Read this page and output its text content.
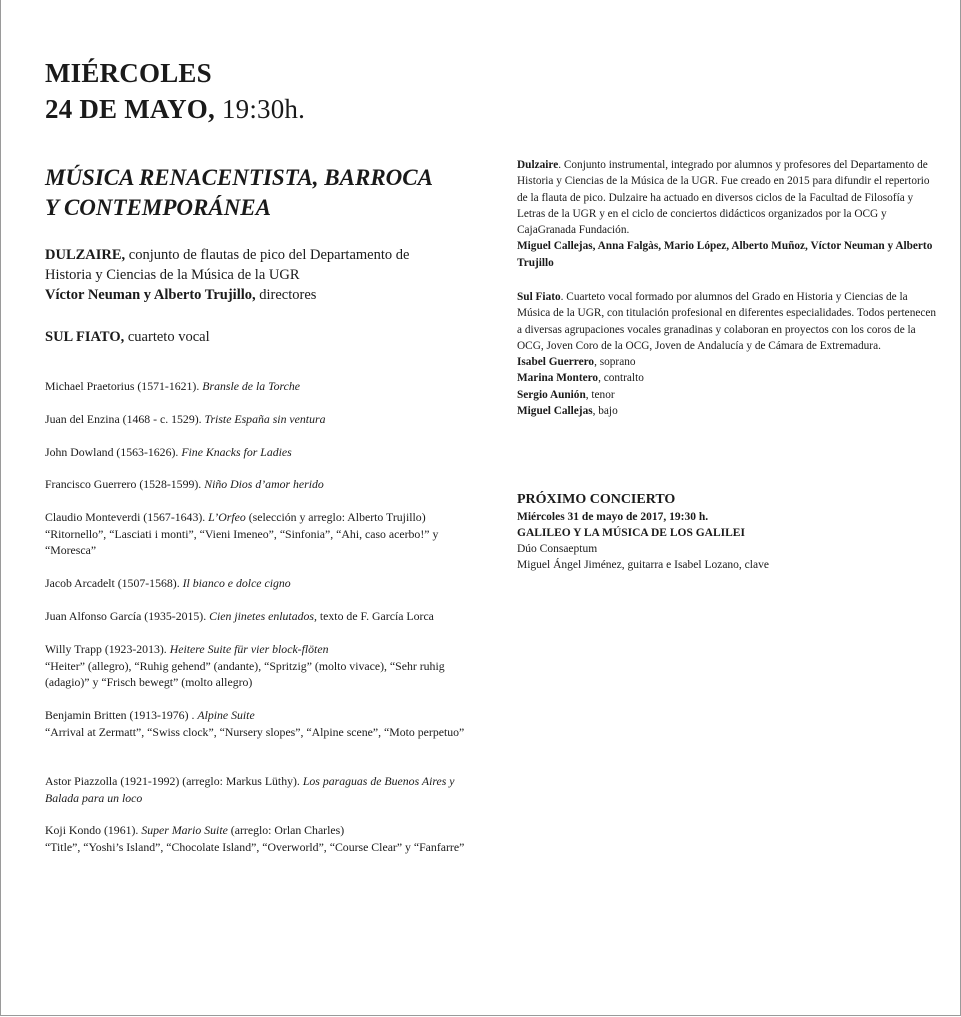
MIÉRCOLES
24 DE MAYO, 19:30h.
MÚSICA RENACENTISTA, BARROCA
Y CONTEMPORÁNEA
DULZAIRE, conjunto de flautas de pico del Departamento de
Historia y Ciencias de la Música de la UGR
Víctor Neuman y Alberto Trujillo, directores
SUL FIATO, cuarteto vocal
Michael Praetorius (1571-1621). Bransle de la Torche
Juan del Enzina (1468 - c. 1529). Triste España sin ventura
John Dowland (1563-1626). Fine Knacks for Ladies
Francisco Guerrero (1528-1599). Niño Dios d’amor herido
Claudio Monteverdi (1567-1643). L’Orfeo (selección y arreglo: Alberto Trujillo)
“Ritornello”, “Lasciati i monti”, “Vieni Imeneo”, “Sinfonia”, “Ahi, caso acerbo!” y “Moresca”
Jacob Arcadelt (1507-1568). Il bianco e dolce cigno
Juan Alfonso García (1935-2015). Cien jinetes enlutados, texto de F. García Lorca
Willy Trapp (1923-2013). Heitere Suite für vier block-flöten
“Heiter” (allegro), “Ruhig gehend” (andante), “Spritzig” (molto vivace), “Sehr ruhig (adagio)” y “Frisch bewegt” (molto allegro)
Benjamin Britten (1913-1976) . Alpine Suite
“Arrival at Zermatt”, “Swiss clock”, “Nursery slopes”, “Alpine scene”, “Moto perpetuo”
Astor Piazzolla (1921-1992) (arreglo: Markus Lüthy). Los paraguas de Buenos Aires y Balada para un loco
Koji Kondo (1961). Super Mario Suite (arreglo: Orlan Charles)
“Title”, “Yoshi’s Island”, “Chocolate Island”, “Overworld”, “Course Clear” y “Fanfarre”
Dulzaire. Conjunto instrumental, integrado por alumnos y profesores del Departamento de Historia y Ciencias de la Música de la UGR. Fue creado en 2015 para difundir el repertorio de la flauta de pico. Dulzaire ha actuado en diversos ciclos de la Facultad de Filosofía y Letras de la UGR y en el ciclo de conciertos didácticos organizados por la OCG y CajaGranada Fundación.
Miguel Callejas, Anna Falgàs, Mario López, Alberto Muñoz, Víctor Neuman y Alberto Trujillo
Sul Fiato. Cuarteto vocal formado por alumnos del Grado en Historia y Ciencias de la Música de la UGR, con titulación profesional en diferentes especialidades. Todos pertenecen a diversas agrupaciones vocales granadinas y colaboran en proyectos con los coros de la OCG, Joven Coro de la OCG, Joven de Andalucía y de Cámara de Extremadura.
Isabel Guerrero, soprano
Marina Montero, contralto
Sergio Aunión, tenor
Miguel Callejas, bajo
PRÓXIMO CONCIERTO
Miércoles 31 de mayo de 2017, 19:30 h.
GALILEO Y LA MÚSICA DE LOS GALILEI
Dúo Consaeptum
Miguel Ángel Jiménez, guitarra e Isabel Lozano, clave
